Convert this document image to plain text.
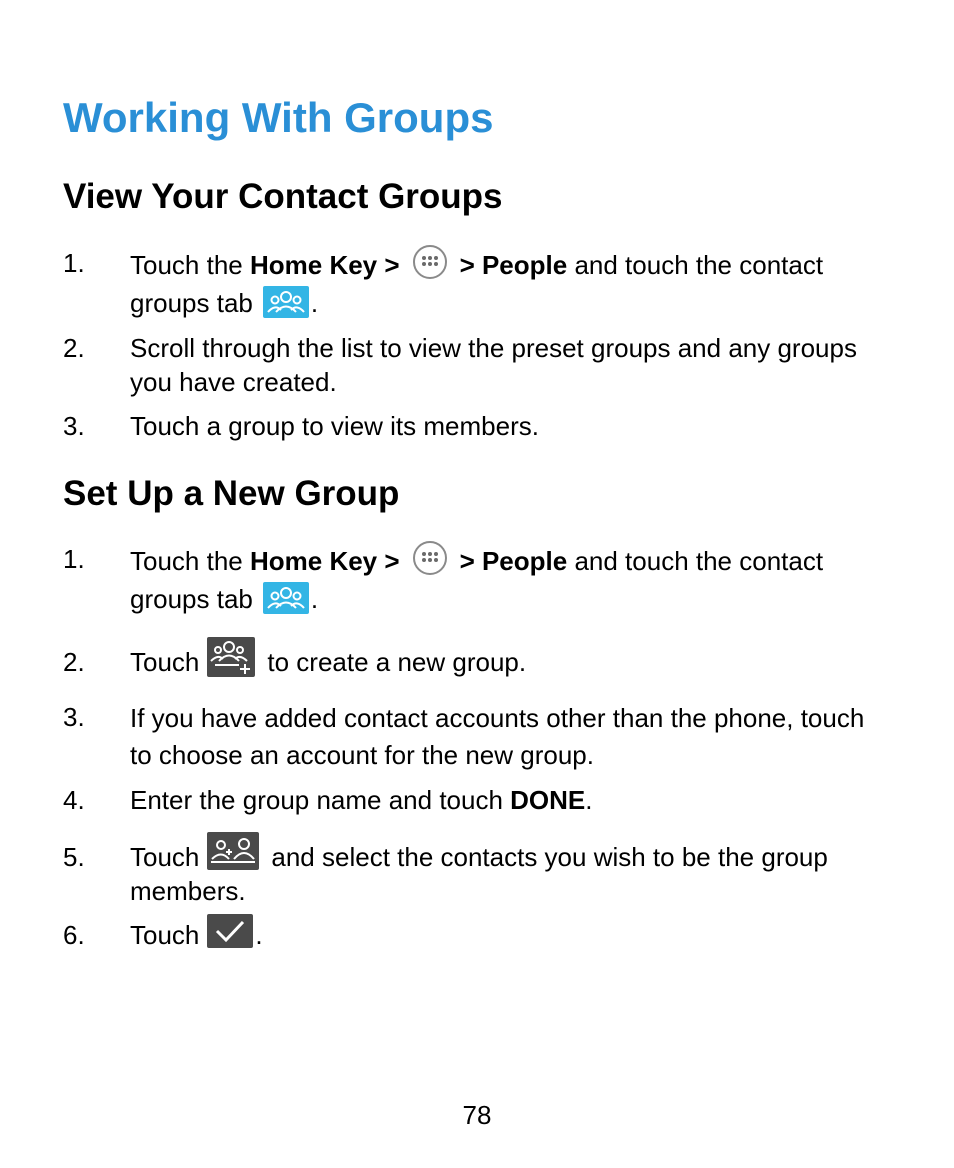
Working With Groups
View Your Contact Groups
1. Touch the Home Key > > People and touch the contact groups tab .
2. Scroll through the list to view the preset groups and any groups you have created.
3. Touch a group to view its members.
Set Up a New Group
1. Touch the Home Key > > People and touch the contact groups tab .
2. Touch	to create a new group.
3. If you have added contact accounts other than the phone, touch to choose an account for the new group.
4. Enter the group name and touch DONE.
5. Touch	and select the contacts you wish to be the group members.
6. Touch .
78
